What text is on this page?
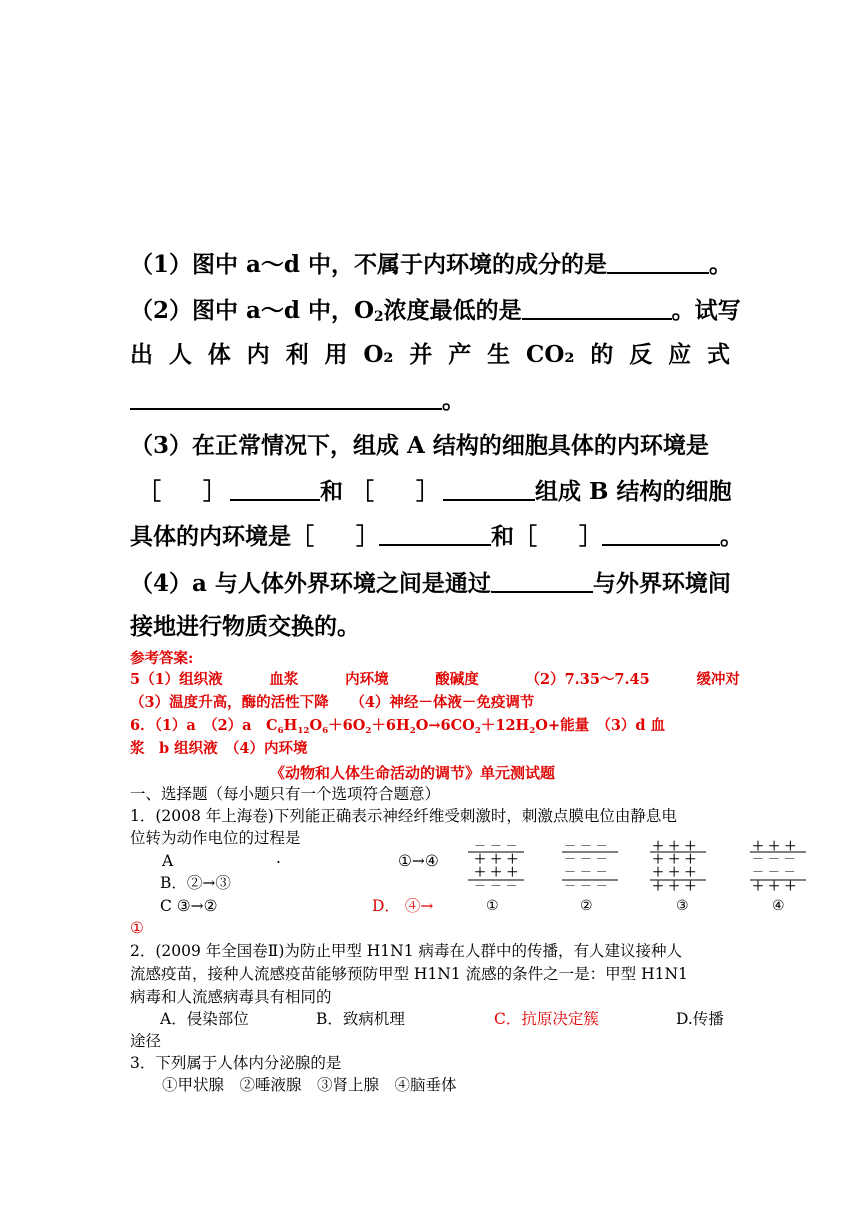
（1）图中 a～d 中，不属于内环境的成分的是	。
（2）图中 a～d 中，$O_2$浓度最低的是	。试写
出 人 体 内 利 用 O₂ 并 产 生 CO₂ 的 反 应 式
。
（3）在正常情况下，组成 A 结构的细胞具体的内环境是
［ ］	和 ［ ］	组成 B 结构的细胞
具体的内环境是［ ］	和［ ］	。
（4）a 与人体外界环境之间是通过	与外界环境间
接地进行物质交换的。
参考答案:
5（1）组织液	血浆	内环境	酸碱度	（2）7.35～7.45	缓冲对
（3）温度升高，酶的活性下降　　（4）神经－体液－免疫调节
6．（1）a　（2）a　$C_6H_{12}O_6+6O_2+6H_2O\to 6CO_2+12H_2O+$能量　（3）d 血
浆　b 组织液　（4）内环境
《动物和人体生命活动的调节》单元测试题
一、选择题（每小题只有一个选项符合题意）
1．(2008 年上海卷)下列能正确表示神经纤维受刺激时，刺激点膜电位由静息电
位转为动作电位的过程是
A	.	①→④
B．②→③
C ③→②	D． ④→
①
－ － －
＋ ＋ ＋
＋ ＋ ＋
－ － －
－ － －
－ － －
－ － －
－ － －
＋ ＋ ＋
＋ ＋ ＋
＋ ＋ ＋
＋ ＋ ＋
＋ ＋ ＋
－ － －
－ － －
＋ ＋ ＋
①	②	③	④
2．(2009 年全国卷Ⅱ)为防止甲型 H1N1 病毒在人群中的传播，有人建议接种人
流感疫苗，接种人流感疫苗能够预防甲型 H1N1 流感的条件之一是：甲型 H1N1
病毒和人流感病毒具有相同的
A．侵染部位	B．致病机理	C．抗原决定簇	D.传播
途径
3．下列属于人体内分泌腺的是
①甲状腺　②唾液腺　③肾上腺　④脑垂体
